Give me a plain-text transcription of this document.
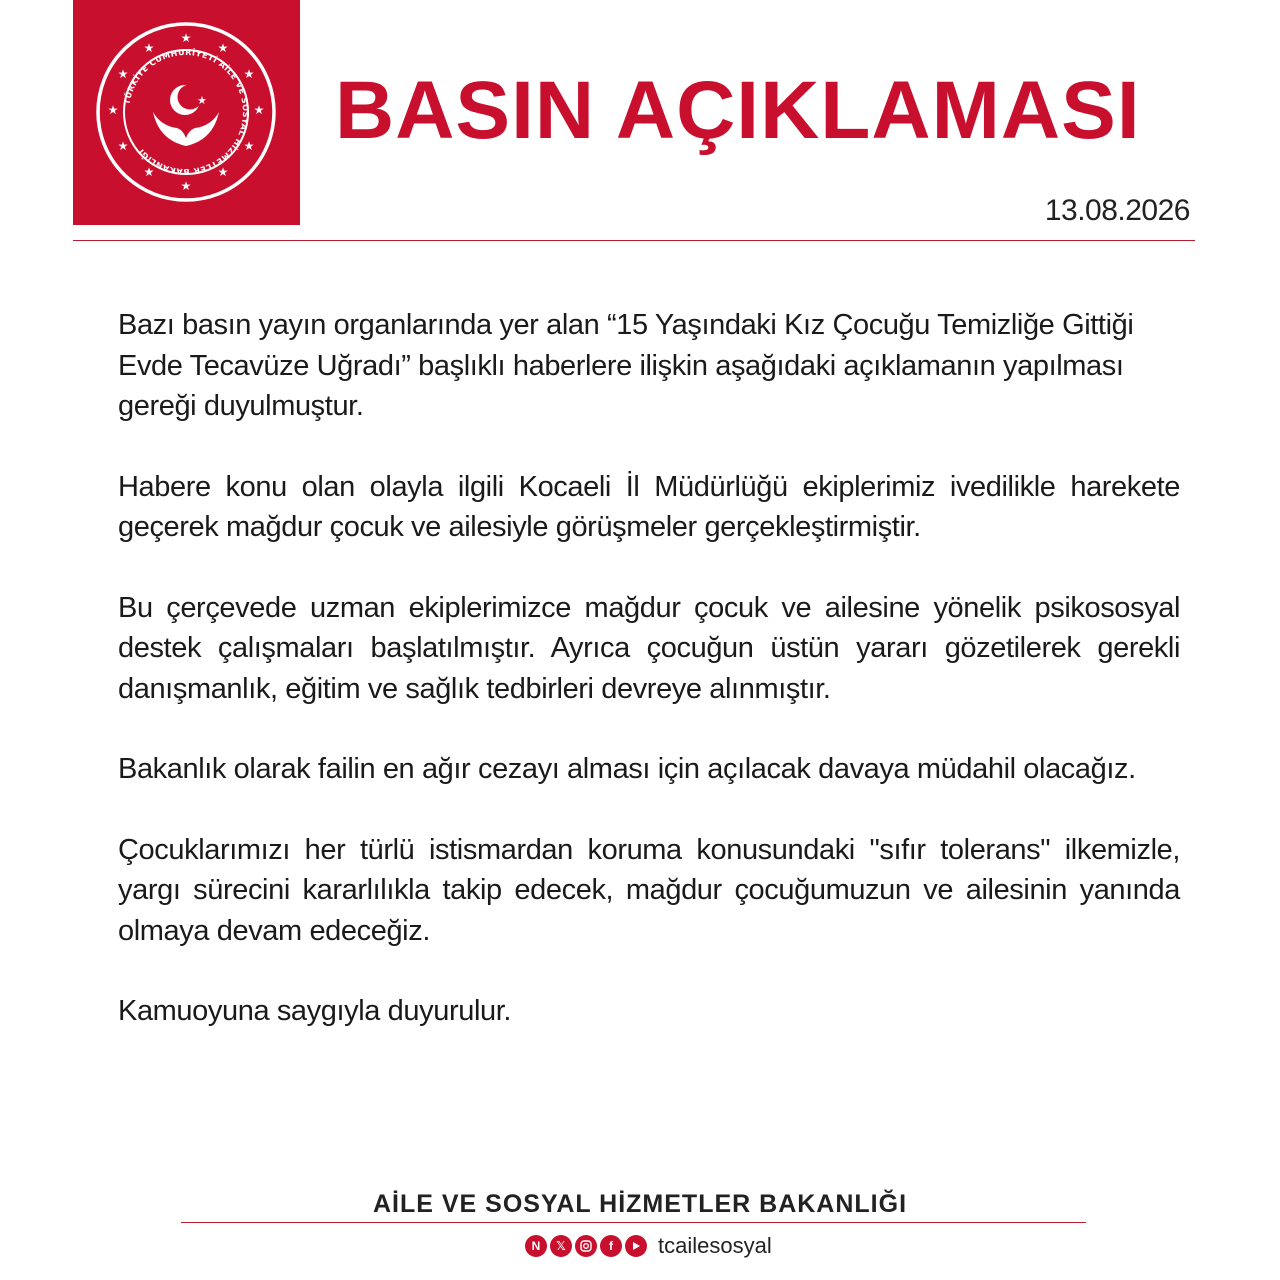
★
★
★
★
★
★
★
★
★
★
★
★
TÜRKİYE CUMHURİYETİ AİLE VE SOSYAL HİZMETLER BAKANLIĞI
★ BASIN AÇIKLAMASI
13.08.2026

Bazı basın yayın organlarında yer alan “15 Yaşındaki Kız Çocuğu Temizliğe Gittiği Evde Tecavüze Uğradı” başlıklı haberlere ilişkin aşağıdaki açıklamanın yapılması gereği duyulmuştur.

Habere konu olan olayla ilgili Kocaeli İl Müdürlüğü ekiplerimiz ivedilikle harekete geçerek mağdur çocuk ve ailesiyle görüşmeler gerçekleştirmiştir.

Bu çerçevede uzman ekiplerimizce mağdur çocuk ve ailesine yönelik psikososyal destek çalışmaları başlatılmıştır. Ayrıca çocuğun üstün yararı gözetilerek gerekli danışmanlık, eğitim ve sağlık tedbirleri devreye alınmıştır.

Bakanlık olarak failin en ağır cezayı alması için açılacak davaya müdahil olacağız.

Çocuklarımızı her türlü istismardan koruma konusundaki "sıfır tolerans" ilkemizle, yargı sürecini kararlılıkla takip edecek, mağdur çocuğumuzun ve ailesinin yanında olmaya devam edeceğiz.

Kamuoyuna saygıyla duyurulur.

AİLE VE SOSYAL HİZMETLER BAKANLIĞI
N	𝕏	f	tcailesosyal
